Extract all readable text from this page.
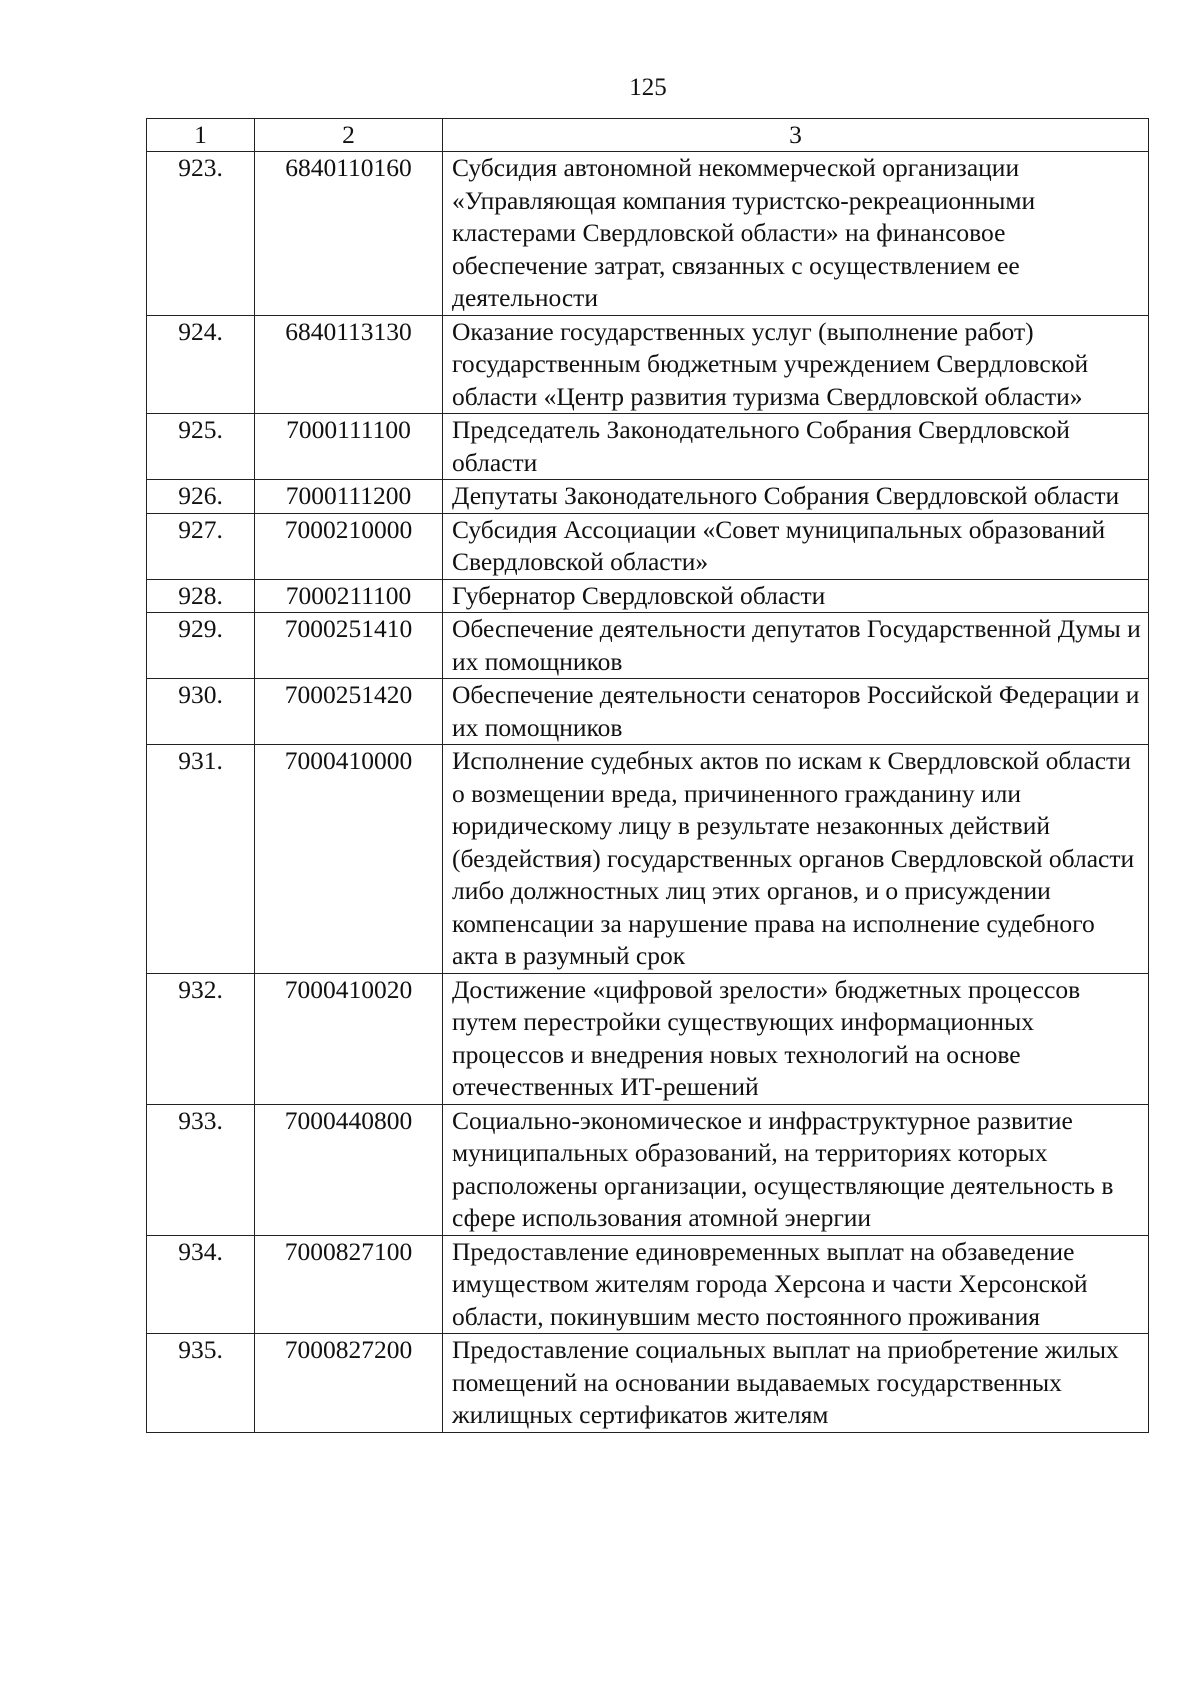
125
1	2	3
923.	6840110160	Субсидия автономной некоммерческой организации «Управляющая компания туристско-рекреационными кластерами Свердловской области» на финансовое обеспечение затрат, связанных с осуществлением ее деятельности
924.	6840113130	Оказание государственных услуг (выполнение работ) государственным бюджетным учреждением Свердловской области «Центр развития туризма Свердловской области»
925.	7000111100	Председатель Законодательного Собрания Свердловской области
926.	7000111200	Депутаты Законодательного Собрания Свердловской области
927.	7000210000	Субсидия Ассоциации «Совет муниципальных образований Свердловской области»
928.	7000211100	Губернатор Свердловской области
929.	7000251410	Обеспечение деятельности депутатов Государственной Думы и их помощников
930.	7000251420	Обеспечение деятельности сенаторов Российской Федерации и их помощников
931.	7000410000	Исполнение судебных актов по искам к Свердловской области о возмещении вреда, причиненного гражданину или юридическому лицу в результате незаконных действий (бездействия) государственных органов Свердловской области либо должностных лиц этих органов, и о присуждении компенсации за нарушение права на исполнение судебного акта в разумный срок
932.	7000410020	Достижение «цифровой зрелости» бюджетных процессов путем перестройки существующих информационных процессов и внедрения новых технологий на основе отечественных ИТ-решений
933.	7000440800	Социально-экономическое и инфраструктурное развитие муниципальных образований, на территориях которых расположены организации, осуществляющие деятельность в сфере использования атомной энергии
934.	7000827100	Предоставление единовременных выплат на обзаведение имуществом жителям города Херсона и части Херсонской области, покинувшим место постоянного проживания
935.	7000827200	Предоставление социальных выплат на приобретение жилых помещений на основании выдаваемых государственных жилищных сертификатов жителям
